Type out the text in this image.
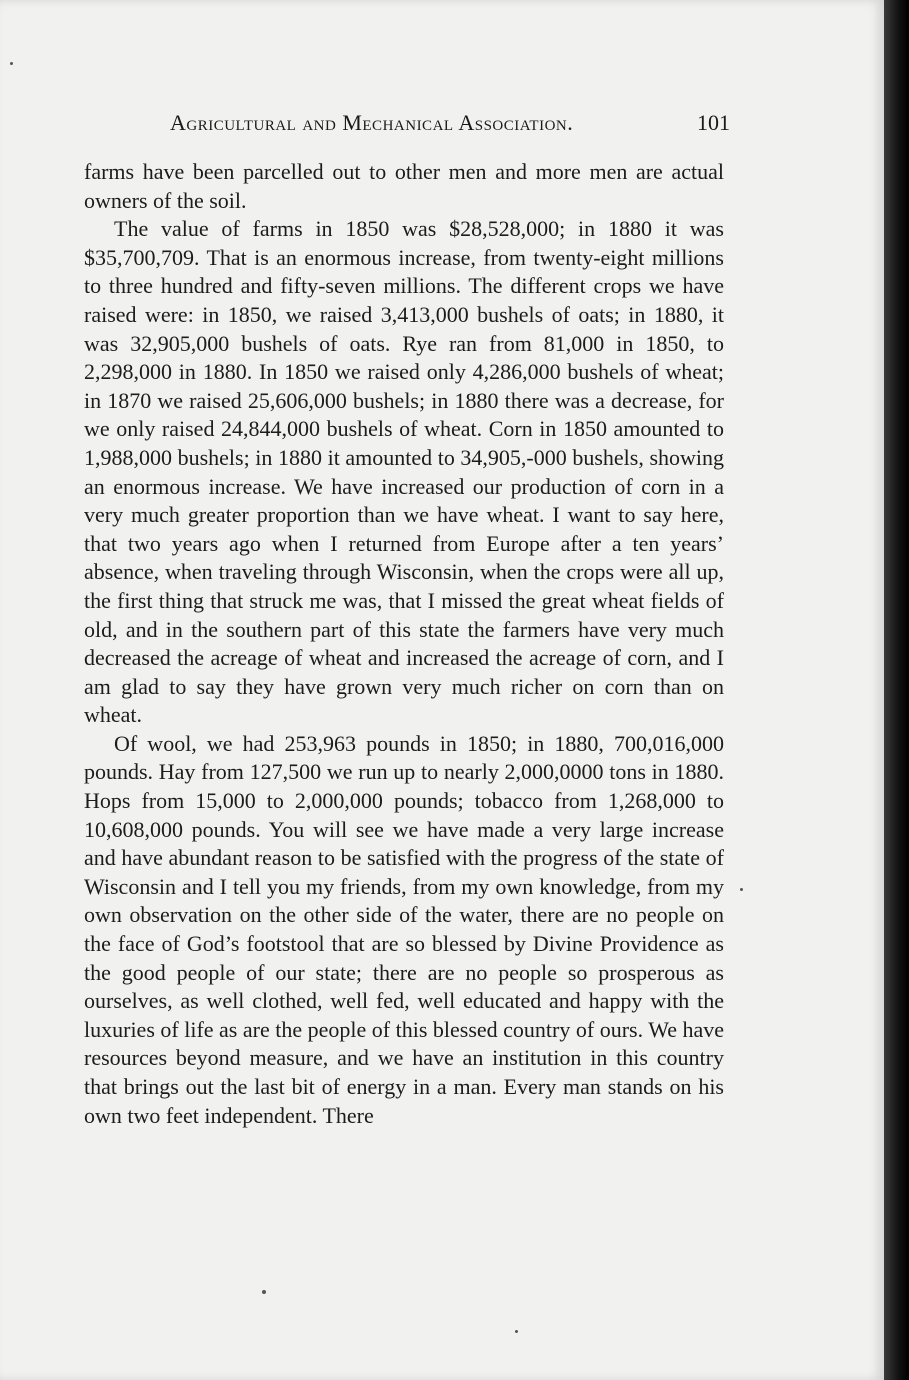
Agricultural and Mechanical Association.	101

farms have been parcelled out to other men and more men are actual owners of the soil.

The value of farms in 1850 was $28,528,000; in 1880 it was $35,700,709. That is an enormous increase, from twenty-eight millions to three hundred and fifty-seven millions. The different crops we have raised were: in 1850, we raised 3,413,000 bushels of oats; in 1880, it was 32,905,000 bushels of oats. Rye ran from 81,000 in 1850, to 2,298,000 in 1880. In 1850 we raised only 4,286,000 bushels of wheat; in 1870 we raised 25,606,000 bushels; in 1880 there was a decrease, for we only raised 24,844,000 bushels of wheat. Corn in 1850 amounted to 1,988,000 bushels; in 1880 it amounted to 34,905,-000 bushels, showing an enormous increase. We have increased our production of corn in a very much greater proportion than we have wheat. I want to say here, that two years ago when I returned from Europe after a ten years’ absence, when traveling through Wisconsin, when the crops were all up, the first thing that struck me was, that I missed the great wheat fields of old, and in the southern part of this state the farmers have very much decreased the acreage of wheat and increased the acreage of corn, and I am glad to say they have grown very much richer on corn than on wheat.

Of wool, we had 253,963 pounds in 1850; in 1880, 700,016,000 pounds. Hay from 127,500 we run up to nearly 2,000,0000 tons in 1880. Hops from 15,000 to 2,000,000 pounds; tobacco from 1,268,000 to 10,608,000 pounds. You will see we have made a very large increase and have abundant reason to be satisfied with the progress of the state of Wisconsin and I tell you my friends, from my own knowledge, from my own observation on the other side of the water, there are no people on the face of God’s footstool that are so blessed by Divine Providence as the good people of our state; there are no people so prosperous as ourselves, as well clothed, well fed, well educated and happy with the luxuries of life as are the people of this blessed country of ours. We have resources beyond measure, and we have an institution in this country that brings out the last bit of energy in a man. Every man stands on his own two feet independent. There
